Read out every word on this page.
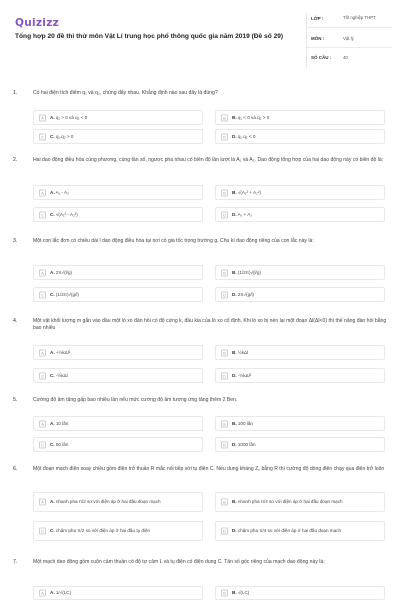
Quizizz
Tổng hợp 20 đề thi thử môn Vật Lí trung học phổ thông quốc gia năm 2019 (Đề số 29)
LỚP :	Tốt nghiệp THPT
MÔN :	Vật lý
SỐ CÂU :	40
1.	Có hai điện tích điểm q₁ và q₂, chúng đẩy nhau. Khẳng định nào sau đây là đúng?
A	A. q₁ > 0 và q₂ < 0	B	B. q₁ < 0 và q₂ > 0
C	C. q₁.q₂ > 0	D	D. q₁.q₂ < 0
2.	Hai dao động điều hòa cùng phương, cùng tần số, ngược pha nhau có biên độ lần lượt là A₁ và A₂. Dao động tổng hợp của hai dao động này có biên độ là:
A	A. A₁ - A₂	B	B. √(A₁² + A₂²)
C	C. √(A₁² - A₂²)	D	D. A₁ + A₂
3.	Một con lắc đơn có chiều dài l dao động điều hòa tại nơi có gia tốc trọng trường g. Chu kì dao động riêng của con lắc này là:
A	A. 2π√(l/g)	B	B. (1/2π)√(l/g)
C	C. (1/2π)√(g/l)	D	D. 2π√(g/l)
4.	Một vật khối lượng m gắn vào đầu một lò xo đàn hồi có độ cứng k, đầu kia của lò xo cố định. Khi lò xo bị nén lại một đoạn Δl(Δl<0) thì thế năng đàn hồi bằng bao nhiêu
A	A. +½kΔl²	B	B. ½kΔl
C	C. -½kΔl	D	D. -½kΔl²
5.	Cường độ âm tăng gấp bao nhiêu lần nếu mức cường độ âm tương ứng tăng thêm 2 Ben.
A	A. 10 lần	B	B. 100 lần
C	C. 50 lần	D	D. 1000 lần
6.	Một đoạn mạch điện xoay chiều gồm điện trở thuần R mắc nối tiếp với tụ điện C. Nếu dung kháng Z꜀ bằng R thì cường độ dòng điện chạy qua điện trở luôn
A	A. nhanh pha π/2 so với điện áp ở hai đầu đoạn mạch	B	B. nhanh pha π/4 so với điện áp ở hai đầu đoạn mạch
C	C. chậm pha π/2 so với điện áp ở hai đầu tụ điện	D	D. chậm pha π/4 so với điện áp ở hai đầu đoạn mạch
7.	Một mạch dao động gồm cuộn cảm thuần có độ tự cảm L và tụ điện có điện dung C. Tần số góc riêng của mạch dao động này là:
A	A. 1/√(LC)	B	B. √(LC)
